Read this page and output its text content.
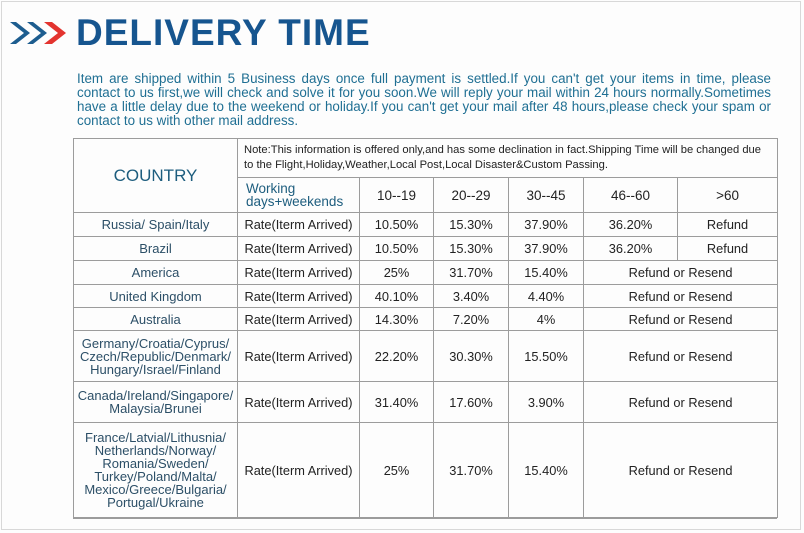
DELIVERY TIME
Item are shipped within 5 Business days once full payment is settled.If you can't get your items in time, please contact to us first,we will check and solve it for you soon.We will reply your mail within 24 hours normally.Sometimes have a little delay due to the weekend or holiday.If you can't get your mail after 48 hours,please check your spam or contact to us with other mail address.
COUNTRY	Note:This information is offered only,and has some declination in fact.Shipping Time will be changed due to the Flight,Holiday,Weather,Local Post,Local Disaster&Custom Passing.					
	Working days+weekends	10--19	20--29	30--45	46--60	>60
Russia/ Spain/Italy	Rate(Iterm Arrived)	10.50%	15.30%	37.90%	36.20%	Refund
Brazil	Rate(Iterm Arrived)	10.50%	15.30%	37.90%	36.20%	Refund
America	Rate(Iterm Arrived)	25%	31.70%	15.40%	Refund or Resend	
United Kingdom	Rate(Iterm Arrived)	40.10%	3.40%	4.40%	Refund or Resend	
Australia	Rate(Iterm Arrived)	14.30%	7.20%	4%	Refund or Resend	
Germany/Croatia/Cyprus/ Czech/Republic/Denmark/ Hungary/Israel/Finland	Rate(Iterm Arrived)	22.20%	30.30%	15.50%	Refund or Resend	
Canada/Ireland/Singapore/ Malaysia/Brunei	Rate(Iterm Arrived)	31.40%	17.60%	3.90%	Refund or Resend	
France/Latvial/Lithusnia/ Netherlands/Norway/ Romania/Sweden/ Turkey/Poland/Malta/ Mexico/Greece/Bulgaria/ Portugal/Ukraine	Rate(Iterm Arrived)	25%	31.70%	15.40%	Refund or Resend	
